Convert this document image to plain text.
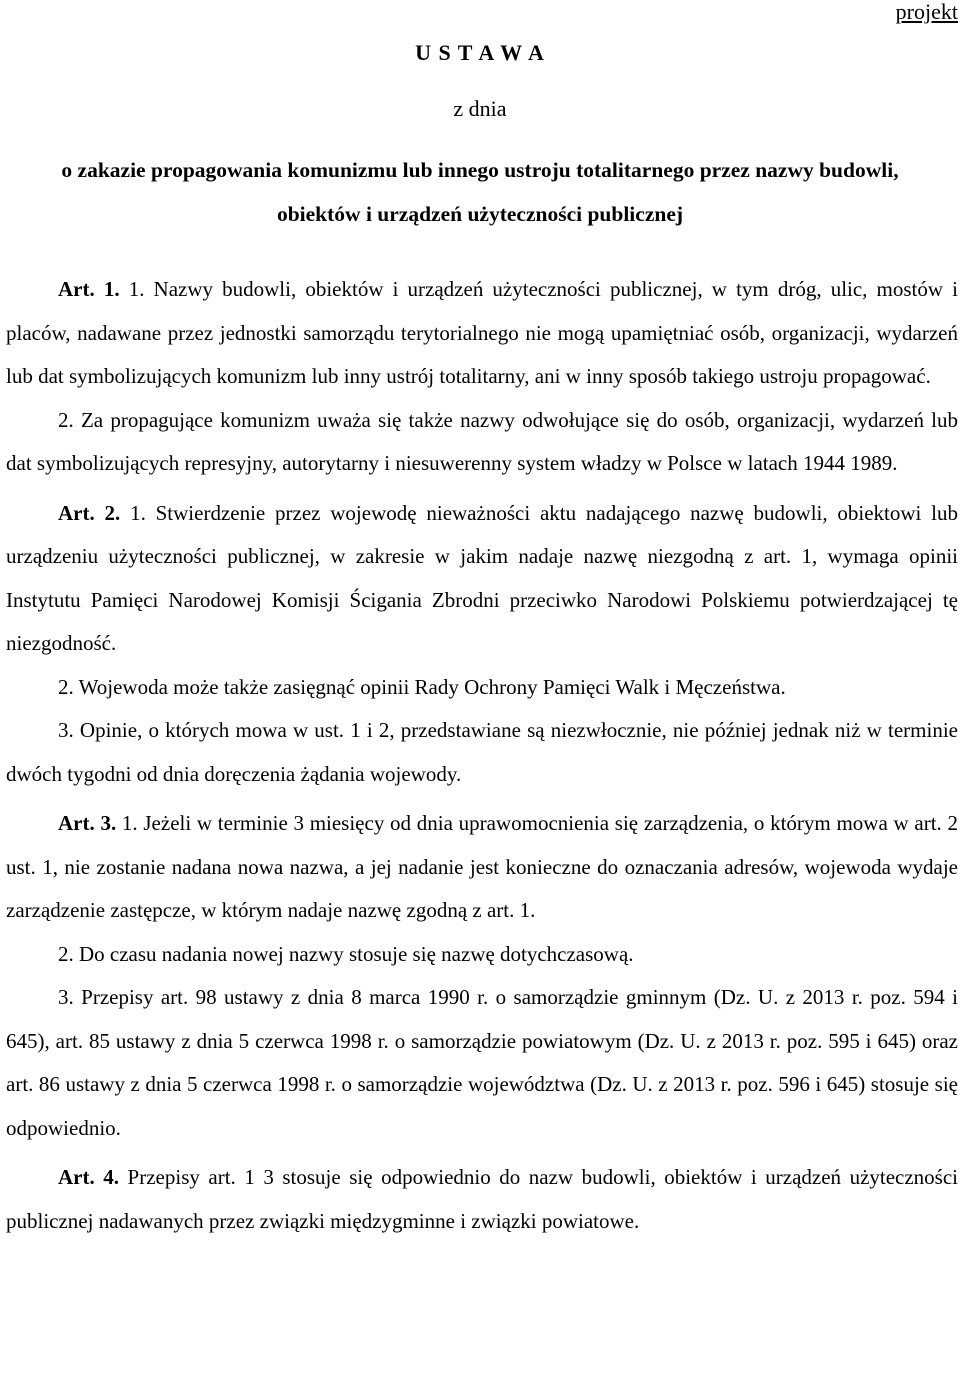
projekt
U S T A W A
z dnia
o zakazie propagowania komunizmu lub innego ustroju totalitarnego przez nazwy budowli, obiektów i urządzeń użyteczności publicznej

Art. 1. 1. Nazwy budowli, obiektów i urządzeń użyteczności publicznej, w tym dróg, ulic, mostów i placów, nadawane przez jednostki samorządu terytorialnego nie mogą upamiętniać osób, organizacji, wydarzeń lub dat symbolizujących komunizm lub inny ustrój totalitarny, ani w inny sposób takiego ustroju propagować.

2. Za propagujące komunizm uważa się także nazwy odwołujące się do osób, organizacji, wydarzeń lub dat symbolizujących represyjny, autorytarny i niesuwerenny system władzy w Polsce w latach 1944 1989.

Art. 2. 1. Stwierdzenie przez wojewodę nieważności aktu nadającego nazwę budowli, obiektowi lub urządzeniu użyteczności publicznej, w zakresie w jakim nadaje nazwę niezgodną z art. 1, wymaga opinii Instytutu Pamięci Narodowej Komisji Ścigania Zbrodni przeciwko Narodowi Polskiemu potwierdzającej tę niezgodność.

2. Wojewoda może także zasięgnąć opinii Rady Ochrony Pamięci Walk i Męczeństwa.

3. Opinie, o których mowa w ust. 1 i 2, przedstawiane są niezwłocznie, nie później jednak niż w terminie dwóch tygodni od dnia doręczenia żądania wojewody.

Art. 3. 1. Jeżeli w terminie 3 miesięcy od dnia uprawomocnienia się zarządzenia, o którym mowa w art. 2 ust. 1, nie zostanie nadana nowa nazwa, a jej nadanie jest konieczne do oznaczania adresów, wojewoda wydaje zarządzenie zastępcze, w którym nadaje nazwę zgodną z art. 1.

2. Do czasu nadania nowej nazwy stosuje się nazwę dotychczasową.

3. Przepisy art. 98 ustawy z dnia 8 marca 1990 r. o samorządzie gminnym (Dz. U. z 2013 r. poz. 594 i 645), art. 85 ustawy z dnia 5 czerwca 1998 r. o samorządzie powiatowym (Dz. U. z 2013 r. poz. 595 i 645) oraz art. 86 ustawy z dnia 5 czerwca 1998 r. o samorządzie województwa (Dz. U. z 2013 r. poz. 596 i 645) stosuje się odpowiednio.

Art. 4. Przepisy art. 1 3 stosuje się odpowiednio do nazw budowli, obiektów i urządzeń użyteczności publicznej nadawanych przez związki międzygminne i związki powiatowe.
